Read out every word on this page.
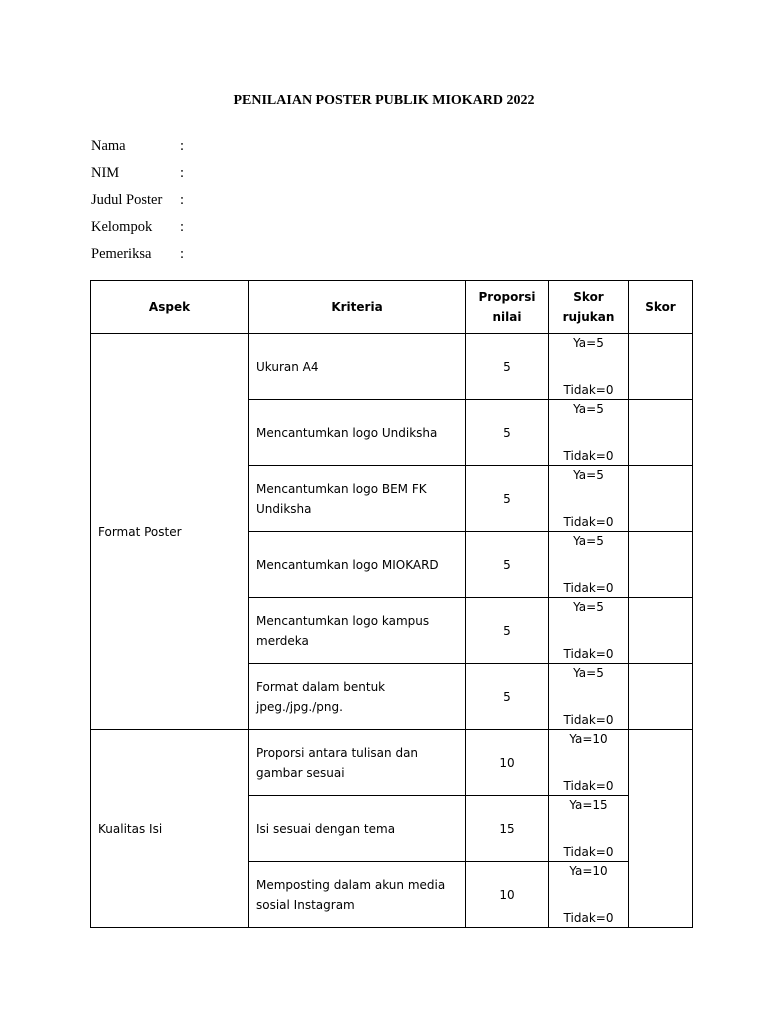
PENILAIAN POSTER PUBLIK MIOKARD 2022
Nama	:
NIM	:
Judul Poster	:
Kelompok	:
Pemeriksa	:
Aspek	Kriteria	Proporsi nilai	Skor rujukan	Skor
Format Poster	Ukuran A4	5	Ya=5
Tidak=0	

	Mencantumkan logo Undiksha	5	Ya=5
Tidak=0	

	Mencantumkan logo BEM FK Undiksha	5	Ya=5
Tidak=0	

	Mencantumkan logo MIOKARD	5	Ya=5
Tidak=0	

	Mencantumkan logo kampus merdeka	5	Ya=5
Tidak=0	

	Format dalam bentuk jpeg./jpg./png.	5	Ya=5
Tidak=0	

Kualitas Isi	Proporsi antara tulisan dan gambar sesuai	10	Ya=10
Tidak=0	

	Isi sesuai dengan tema	15	Ya=15
Tidak=0	

	Memposting dalam akun media sosial Instagram	10	Ya=10
Tidak=0	
